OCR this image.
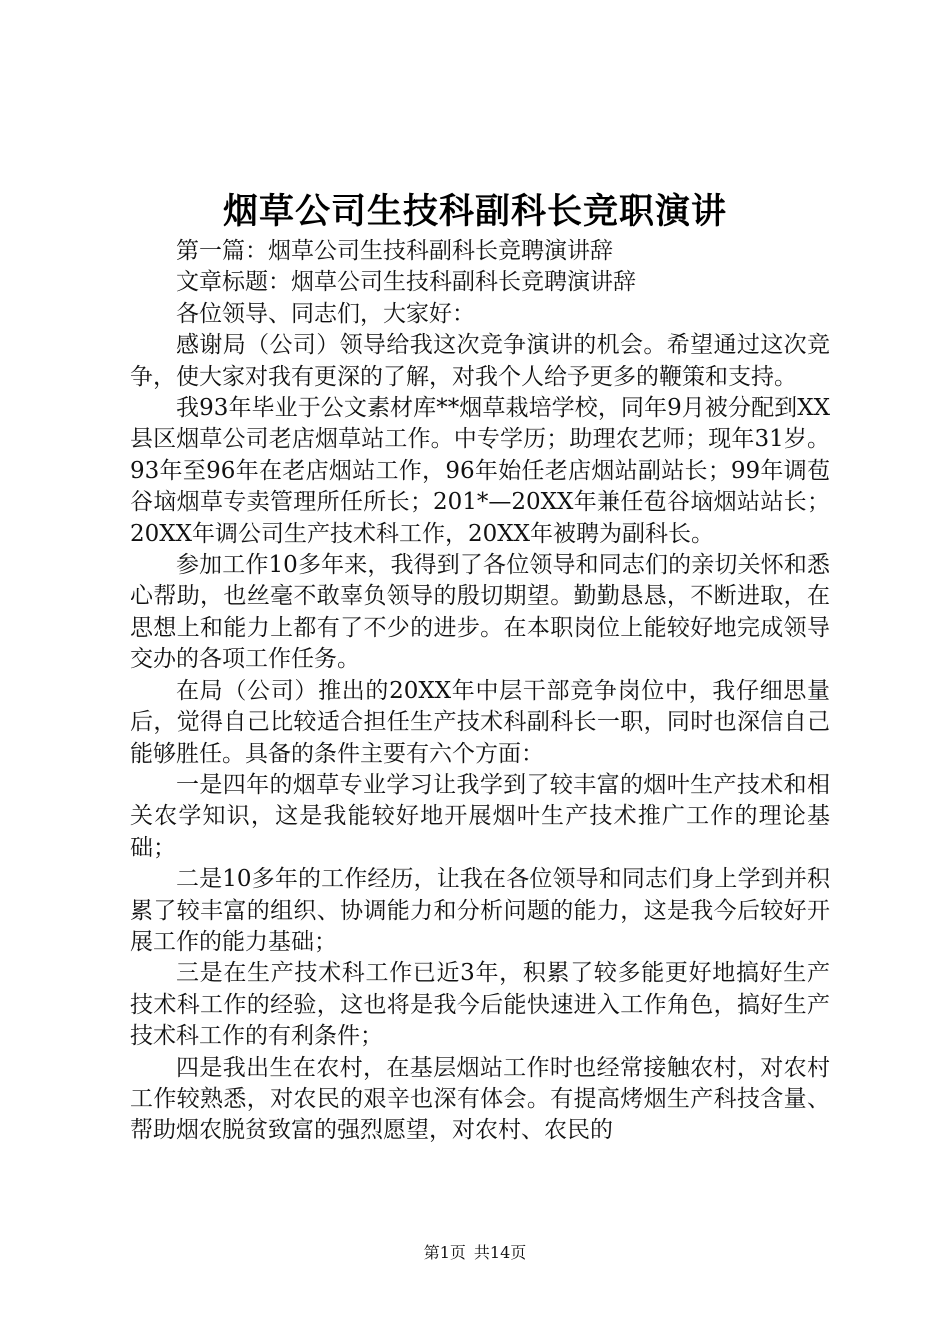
烟草公司生技科副科长竞职演讲

第一篇：烟草公司生技科副科长竞聘演讲辞

文章标题：烟草公司生技科副科长竞聘演讲辞

各位领导、同志们，大家好：

感谢局（公司）领导给我这次竞争演讲的机会。希望通过这次竞争，使大家对我有更深的了解，对我个人给予更多的鞭策和支持。

我93年毕业于公文素材库**烟草栽培学校，同年9月被分配到XX县区烟草公司老店烟草站工作。中专学历；助理农艺师；现年31岁。93年至96年在老店烟站工作，96年始任老店烟站副站长；99年调苞谷垴烟草专卖管理所任所长；201*—20XX年兼任苞谷垴烟站站长；20XX年调公司生产技术科工作，20XX年被聘为副科长。

参加工作10多年来，我得到了各位领导和同志们的亲切关怀和悉心帮助，也丝毫不敢辜负领导的殷切期望。勤勤恳恳，不断进取，在思想上和能力上都有了不少的进步。在本职岗位上能较好地完成领导交办的各项工作任务。

在局（公司）推出的20XX年中层干部竞争岗位中，我仔细思量后，觉得自己比较适合担任生产技术科副科长一职，同时也深信自己能够胜任。具备的条件主要有六个方面：

一是四年的烟草专业学习让我学到了较丰富的烟叶生产技术和相关农学知识，这是我能较好地开展烟叶生产技术推广工作的理论基础；

二是10多年的工作经历，让我在各位领导和同志们身上学到并积累了较丰富的组织、协调能力和分析问题的能力，这是我今后较好开展工作的能力基础；

三是在生产技术科工作已近3年，积累了较多能更好地搞好生产技术科工作的经验，这也将是我今后能快速进入工作角色，搞好生产技术科工作的有利条件；

四是我出生在农村，在基层烟站工作时也经常接触农村，对农村工作较熟悉，对农民的艰辛也深有体会。有提高烤烟生产科技含量、帮助烟农脱贫致富的强烈愿望，对农村、农民的

第1页 共14页
